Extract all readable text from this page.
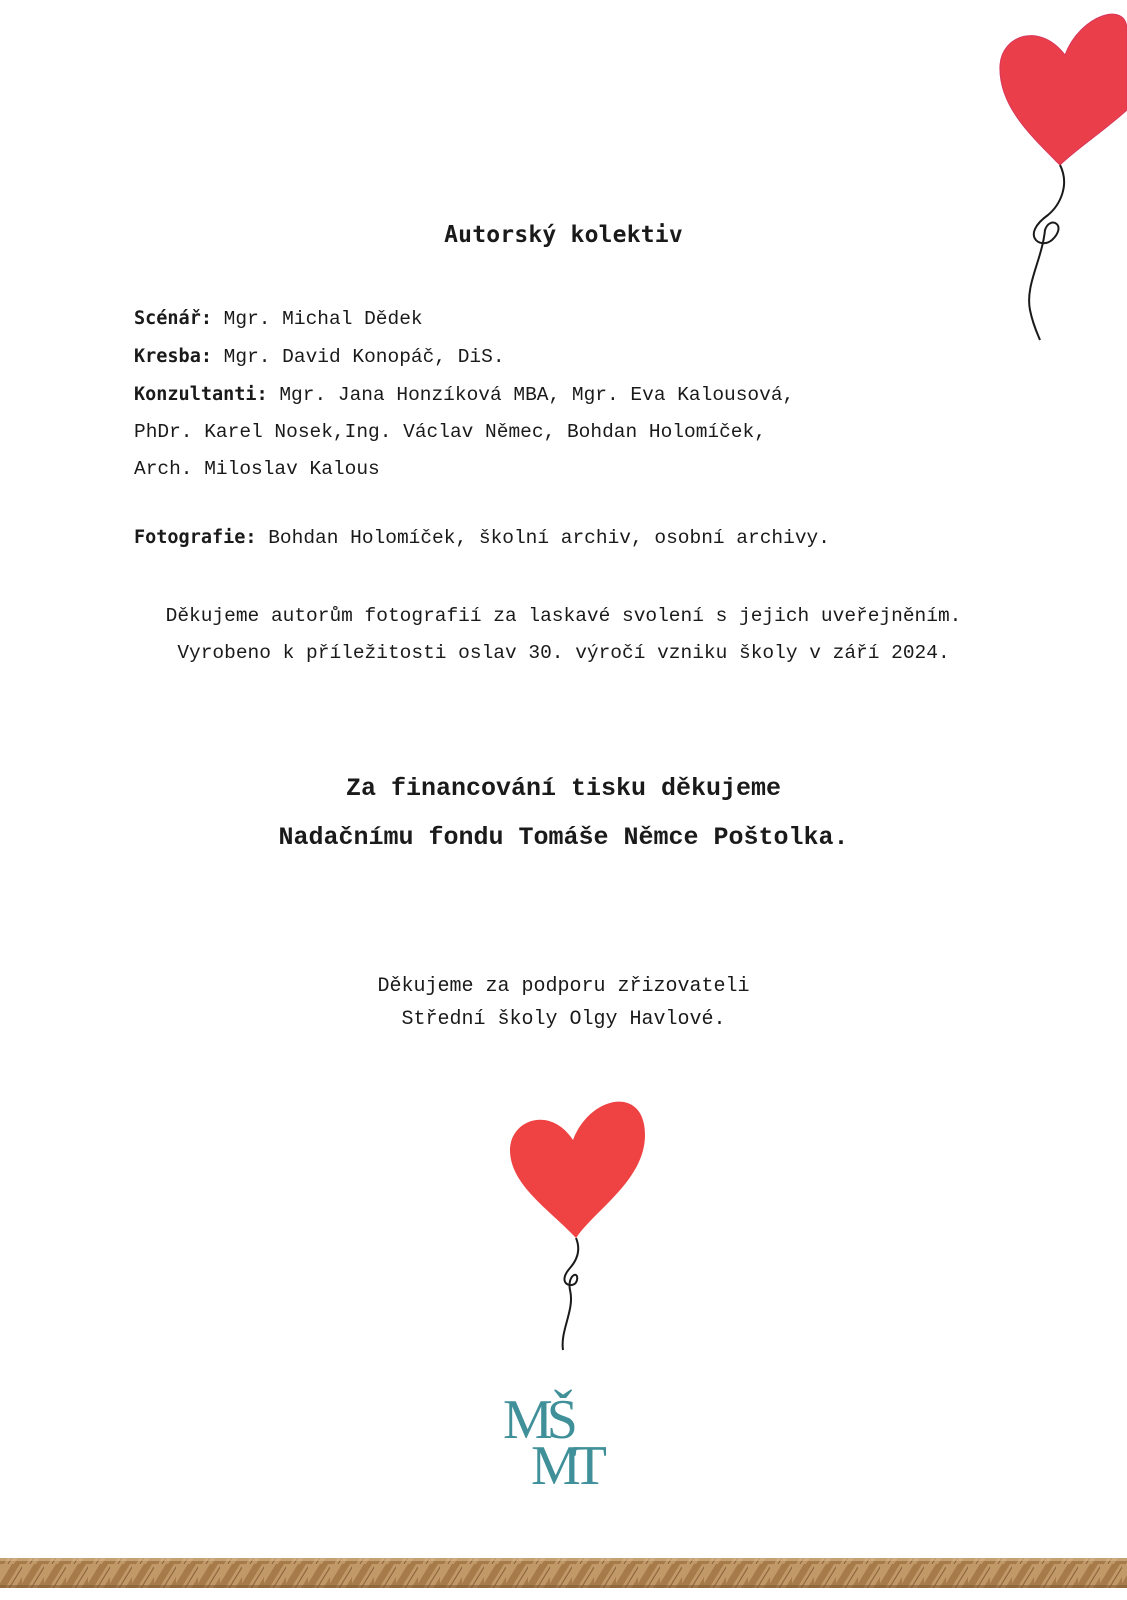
Autorský kolektiv
Scénář: Mgr. Michal Dědek
Kresba: Mgr. David Konopáč, DiS.
Konzultanti: Mgr. Jana Honzíková MBA, Mgr. Eva Kalousová,
PhDr. Karel Nosek,Ing. Václav Němec, Bohdan Holomíček,
Arch. Miloslav Kalous
Fotografie: Bohdan Holomíček, školní archiv, osobní archivy.
Děkujeme autorům fotografií za laskavé svolení s jejich uveřejněním.
Vyrobeno k příležitosti oslav 30. výročí vzniku školy v září 2024.
Za financování tisku děkujeme
Nadačnímu fondu Tomáše Němce Poštolka.
Děkujeme za podporu zřizovateli
Střední školy Olgy Havlové.
MŠ
MT
